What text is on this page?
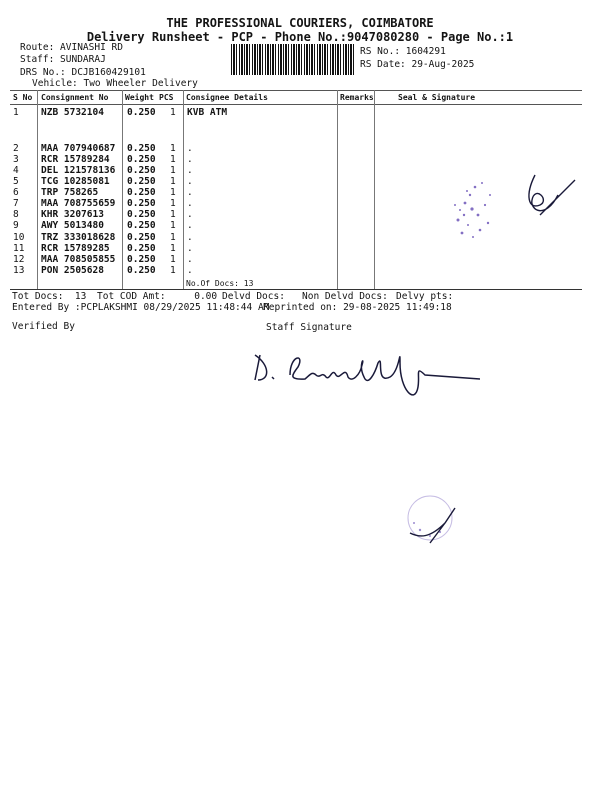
THE PROFESSIONAL COURIERS, COIMBATORE
Delivery Runsheet - PCP - Phone No.:9047080280 - Page No.:1
Route: AVINASHI RD
Staff: SUNDARAJ
DRS No.: DCJB160429101
Vehicle: Two Wheeler Delivery
RS No.: 1604291
RS Date: 29-Aug-2025
S No Consignment No Weight PCS Consignee Details	Remarks	Seal & Signature
1 NZB 5732104 0.250 1 KVB ATM
2 MAA 707940687 0.250 1 .
3 RCR 15789284 0.250 1 .
4 DEL 121578136 0.250 1 .
5 TCG 10285081 0.250 1 .
6 TRP 758265	0.250 1 .
7 MAA 708755659 0.250 1 .
8 KHR 3207613 0.250 1 .
9 AWY 5013480 0.250 1 .
10 TRZ 333018628 0.250 1 .
11 RCR 15789285 0.250 1 .
12 MAA 708505855 0.250 1 .
13 PON 2505628 0.250 1 .
No.Of Docs: 13
Tot Docs:  13 Tot COD Amt:     0.00 Delvd Docs: Non Delvd Docs: Delvy pts:
Entered By :PCPLAKSHMI 08/29/2025 11:48:44 AM
Reprinted on: 29-08-2025 11:49:18
Verified By	Staff Signature
